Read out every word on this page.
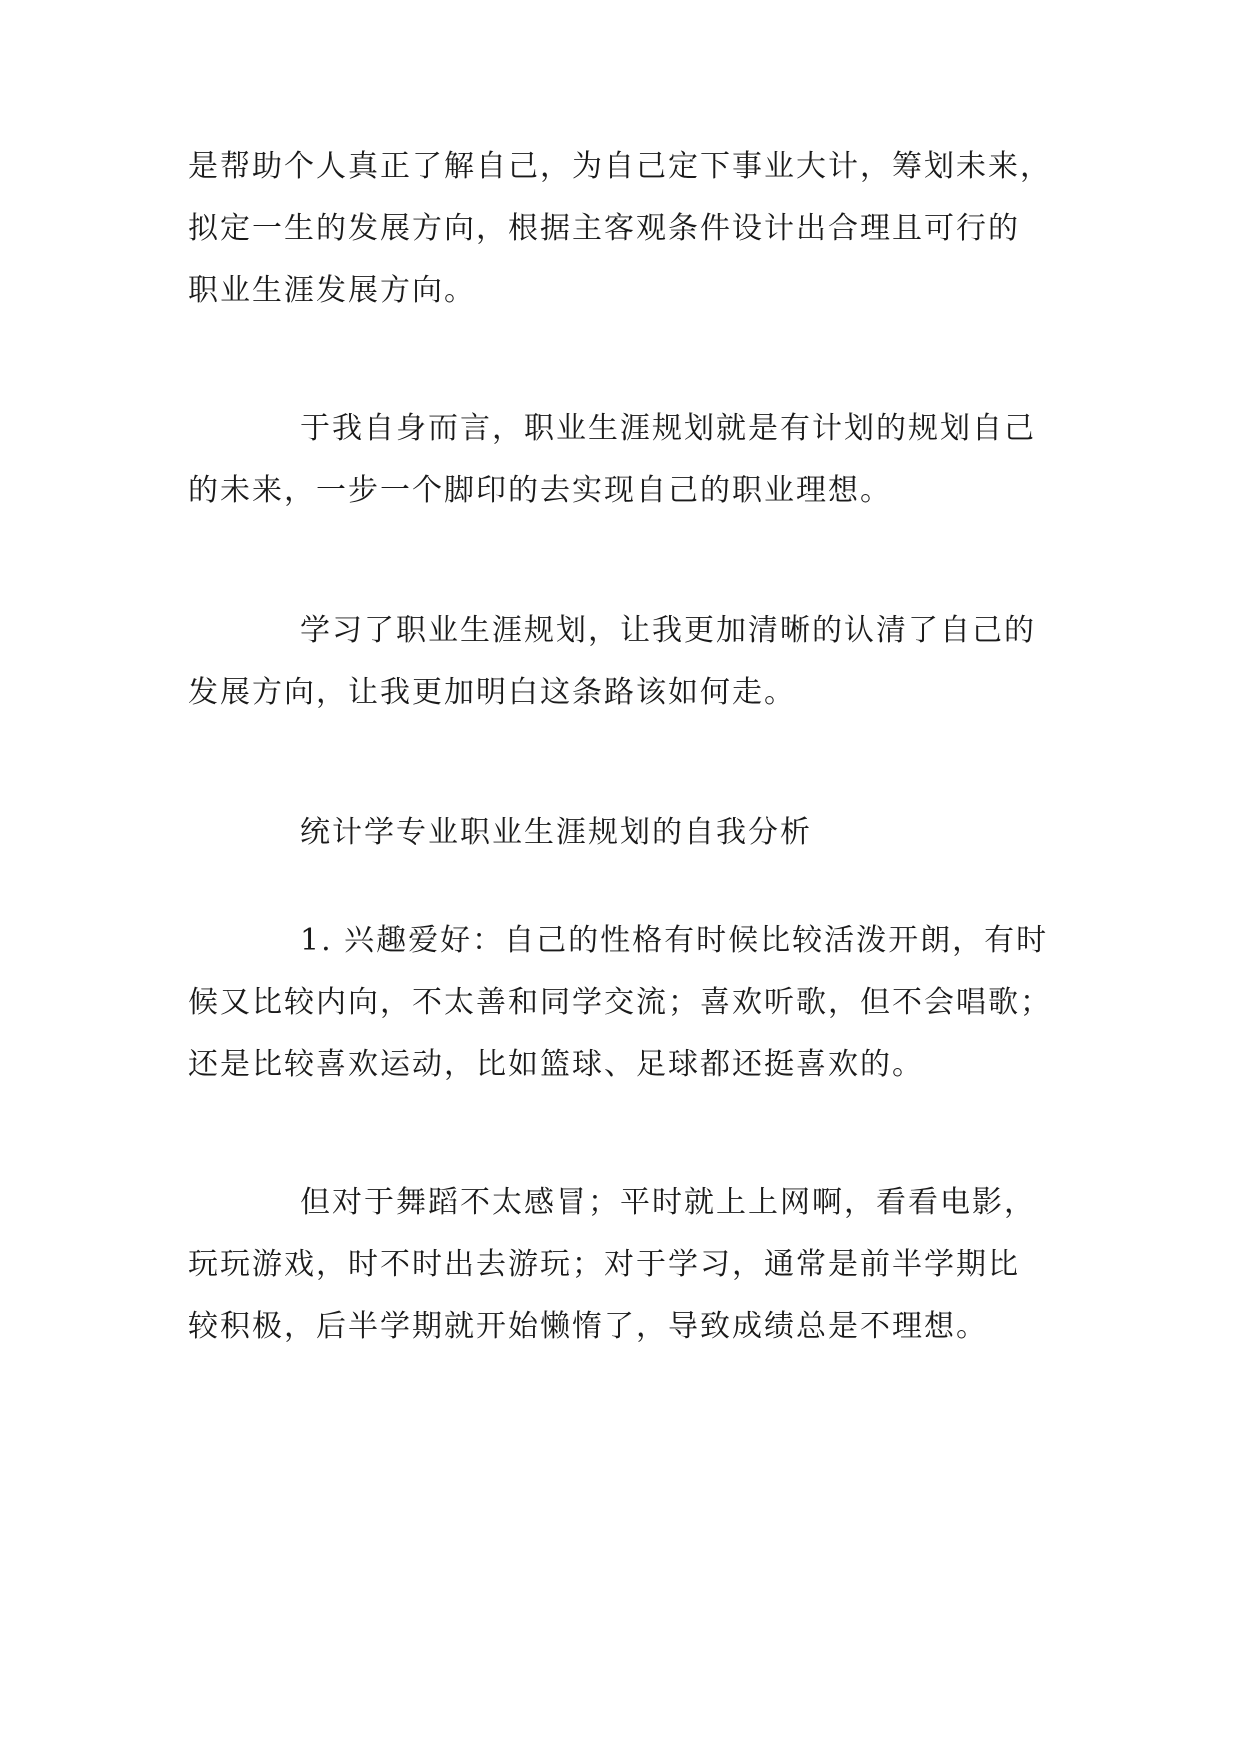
是帮助个人真正了解自己，为自己定下事业大计，筹划未来，
拟定一生的发展方向，根据主客观条件设计出合理且可行的
职业生涯发展方向。
于我自身而言，职业生涯规划就是有计划的规划自己
的未来，一步一个脚印的去实现自己的职业理想。
学习了职业生涯规划，让我更加清晰的认清了自己的
发展方向，让我更加明白这条路该如何走。
统计学专业职业生涯规划的自我分析
1. 兴趣爱好：自己的性格有时候比较活泼开朗，有时
候又比较内向，不太善和同学交流；喜欢听歌，但不会唱歌；
还是比较喜欢运动，比如篮球、足球都还挺喜欢的。
但对于舞蹈不太感冒；平时就上上网啊，看看电影，
玩玩游戏，时不时出去游玩；对于学习，通常是前半学期比
较积极，后半学期就开始懒惰了，导致成绩总是不理想。
